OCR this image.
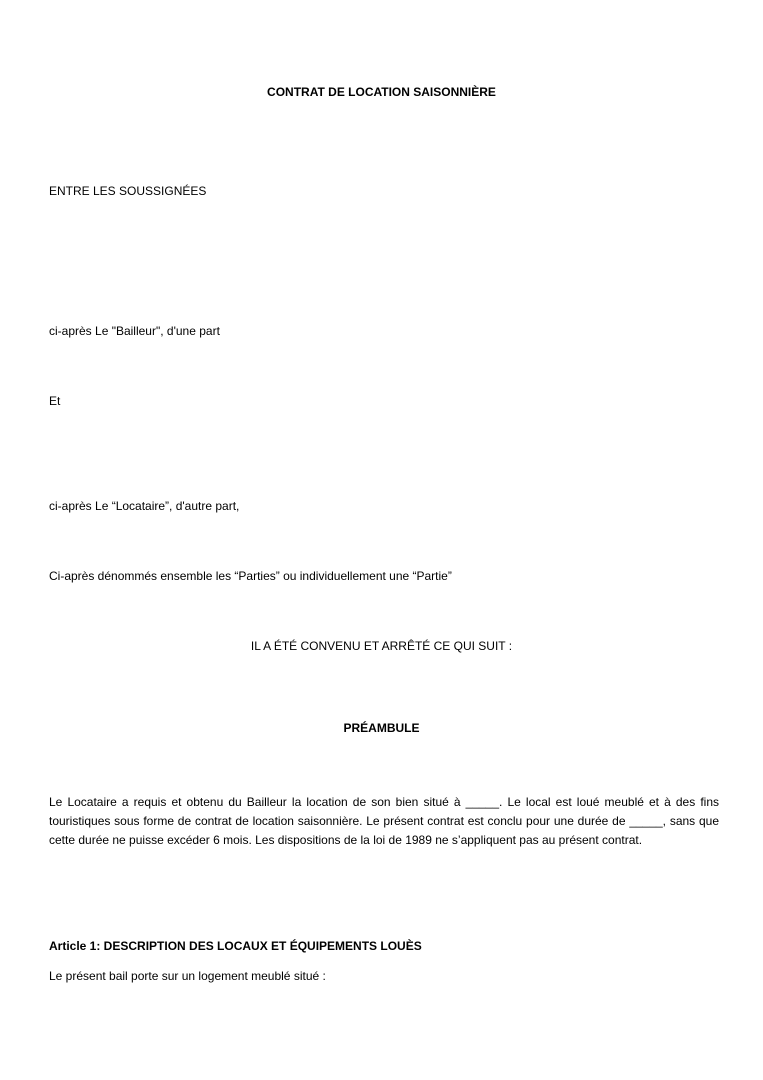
CONTRAT DE LOCATION SAISONNIÈRE
ENTRE LES SOUSSIGNÉES
ci-après Le "Bailleur", d'une part
Et
ci-après Le “Locataire”, d'autre part,
Ci-après dénommés ensemble les “Parties” ou individuellement une “Partie”
IL A ÉTÉ CONVENU ET ARRÊTÉ CE QUI SUIT :
PRÉAMBULE
Le Locataire a requis et obtenu du Bailleur la location de son bien situé à _____. Le local est loué meublé et à des fins touristiques sous forme de contrat de location saisonnière. Le présent contrat est conclu pour une durée de _____, sans que cette durée ne puisse excéder 6 mois. Les dispositions de la loi de 1989 ne s’appliquent pas au présent contrat.
Article 1: DESCRIPTION DES LOCAUX ET ÉQUIPEMENTS LOUÈS
Le présent bail porte sur un logement meublé situé :
